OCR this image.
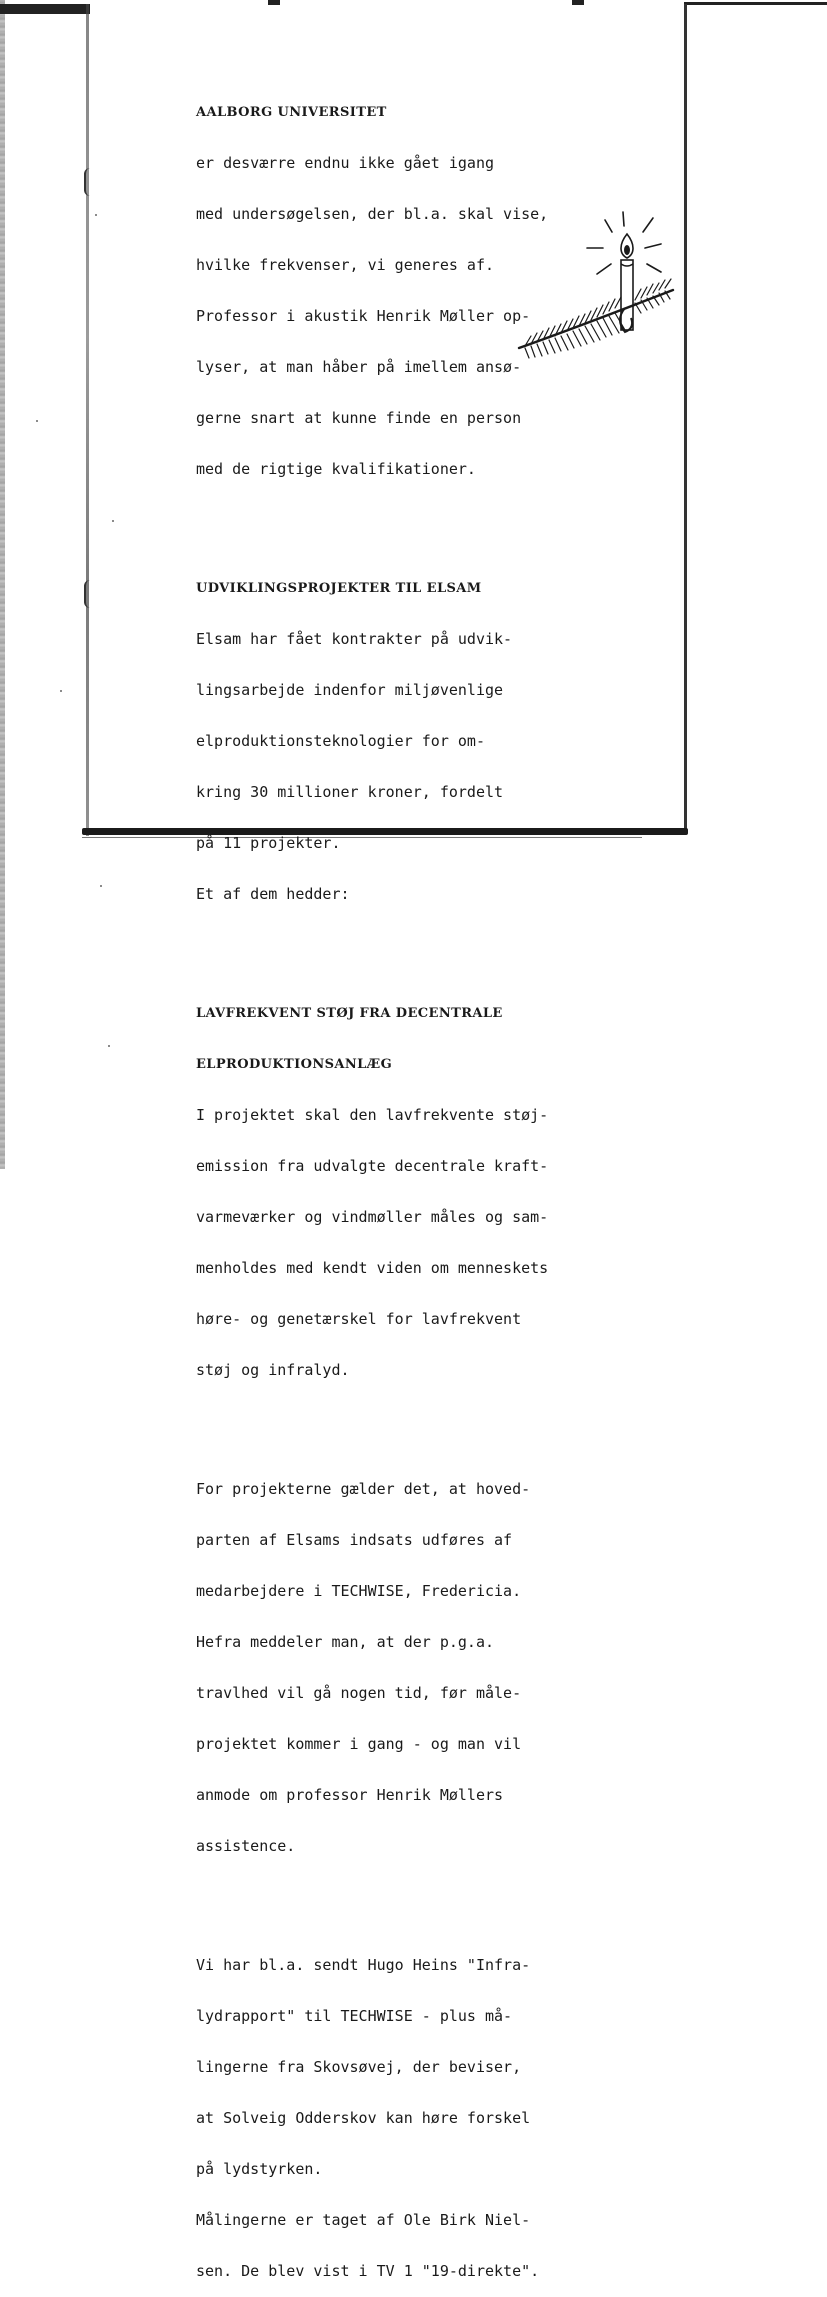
AALBORG UNIVERSITET

er desværre endnu ikke gået igang

med undersøgelsen, der bl.a. skal vise,

hvilke frekvenser, vi generes af.

Professor i akustik Henrik Møller op-

lyser, at man håber på imellem ansø-

gerne snart at kunne finde en person

med de rigtige kvalifikationer.

UDVIKLINGSPROJEKTER TIL ELSAM

Elsam har fået kontrakter på udvik-

lingsarbejde indenfor miljøvenlige

elproduktionsteknologier for om-

kring 30 millioner kroner, fordelt

på 11 projekter.

Et af dem hedder:

LAVFREKVENT STØJ FRA DECENTRALE

ELPRODUKTIONSANLÆG

I projektet skal den lavfrekvente støj-

emission fra udvalgte decentrale kraft-

varmeværker og vindmøller måles og sam-

menholdes med kendt viden om menneskets

høre- og genetærskel for lavfrekvent

støj og infralyd.

For projekterne gælder det, at hoved-

parten af Elsams indsats udføres af

medarbejdere i TECHWISE, Fredericia.

Hefra meddeler man, at der p.g.a.

travlhed vil gå nogen tid, før måle-

projektet kommer i gang - og man vil

anmode om professor Henrik Møllers

assistence.

Vi har bl.a. sendt Hugo Heins "Infra-

lydrapport" til TECHWISE - plus må-

lingerne fra Skovsøvej, der beviser,

at Solveig Odderskov kan høre forskel

på lydstyrken.

Målingerne er taget af Ole Birk Niel-

sen. De blev vist i TV 1 "19-direkte".
